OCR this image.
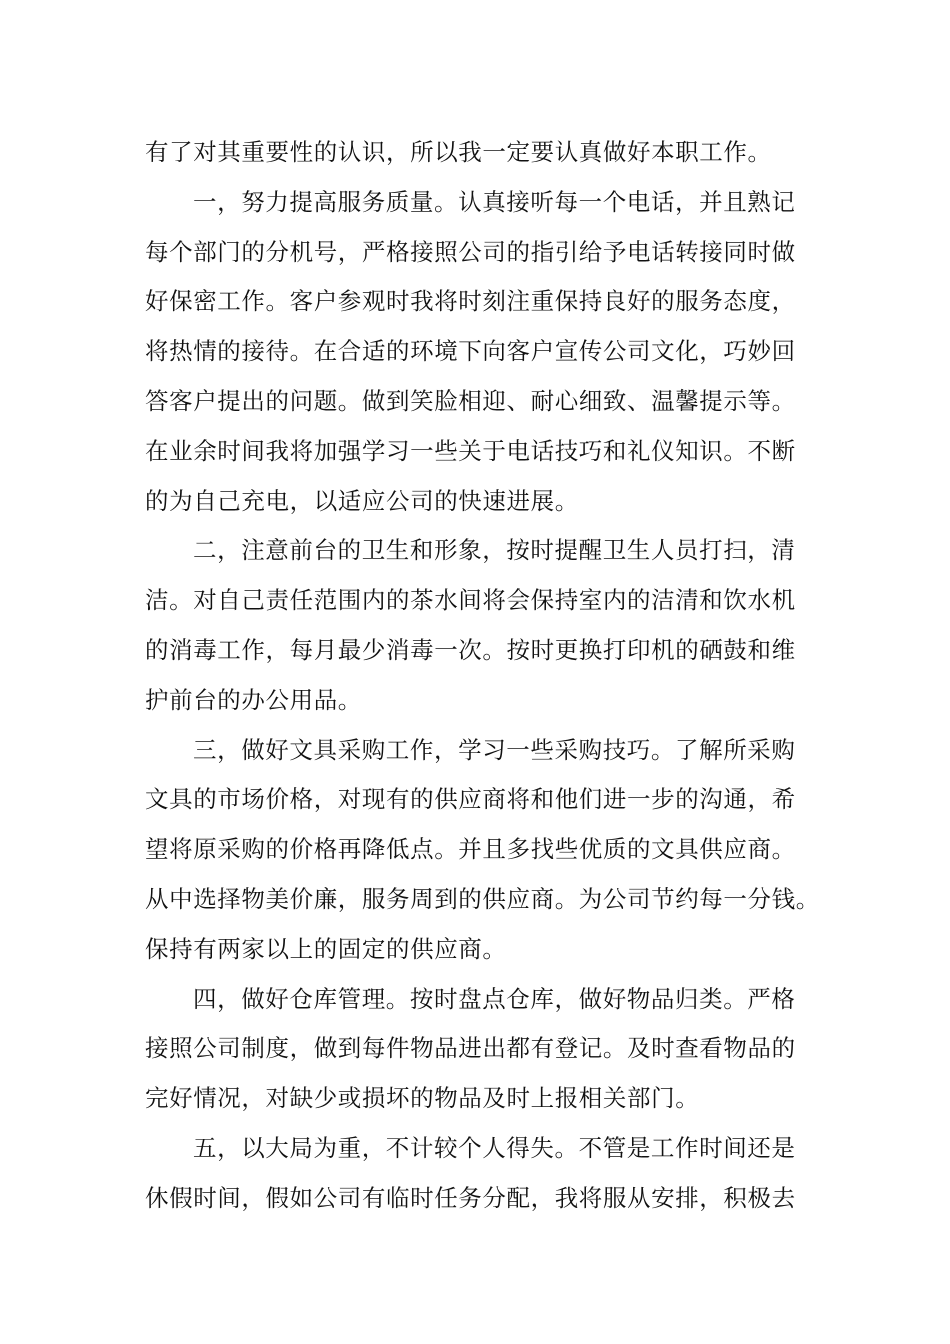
有了对其重要性的认识，所以我一定要认真做好本职工作。

一，努力提高服务质量。认真接听每一个电话，并且熟记

每个部门的分机号，严格接照公司的指引给予电话转接同时做

好保密工作。客户参观时我将时刻注重保持良好的服务态度，

将热情的接待。在合适的环境下向客户宣传公司文化，巧妙回

答客户提出的问题。做到笑脸相迎、耐心细致、温馨提示等。

在业余时间我将加强学习一些关于电话技巧和礼仪知识。不断

的为自己充电，以适应公司的快速进展。

二，注意前台的卫生和形象，按时提醒卫生人员打扫，清

洁。对自己责任范围内的茶水间将会保持室内的洁清和饮水机

的消毒工作，每月最少消毒一次。按时更换打印机的硒鼓和维

护前台的办公用品。

三，做好文具采购工作，学习一些采购技巧。了解所采购

文具的市场价格，对现有的供应商将和他们进一步的沟通，希

望将原采购的价格再降低点。并且多找些优质的文具供应商。

从中选择物美价廉，服务周到的供应商。为公司节约每一分钱。

保持有两家以上的固定的供应商。

四，做好仓库管理。按时盘点仓库，做好物品归类。严格

接照公司制度，做到每件物品进出都有登记。及时查看物品的

完好情况，对缺少或损坏的物品及时上报相关部门。

五，以大局为重，不计较个人得失。不管是工作时间还是

休假时间，假如公司有临时任务分配，我将服从安排，积极去
